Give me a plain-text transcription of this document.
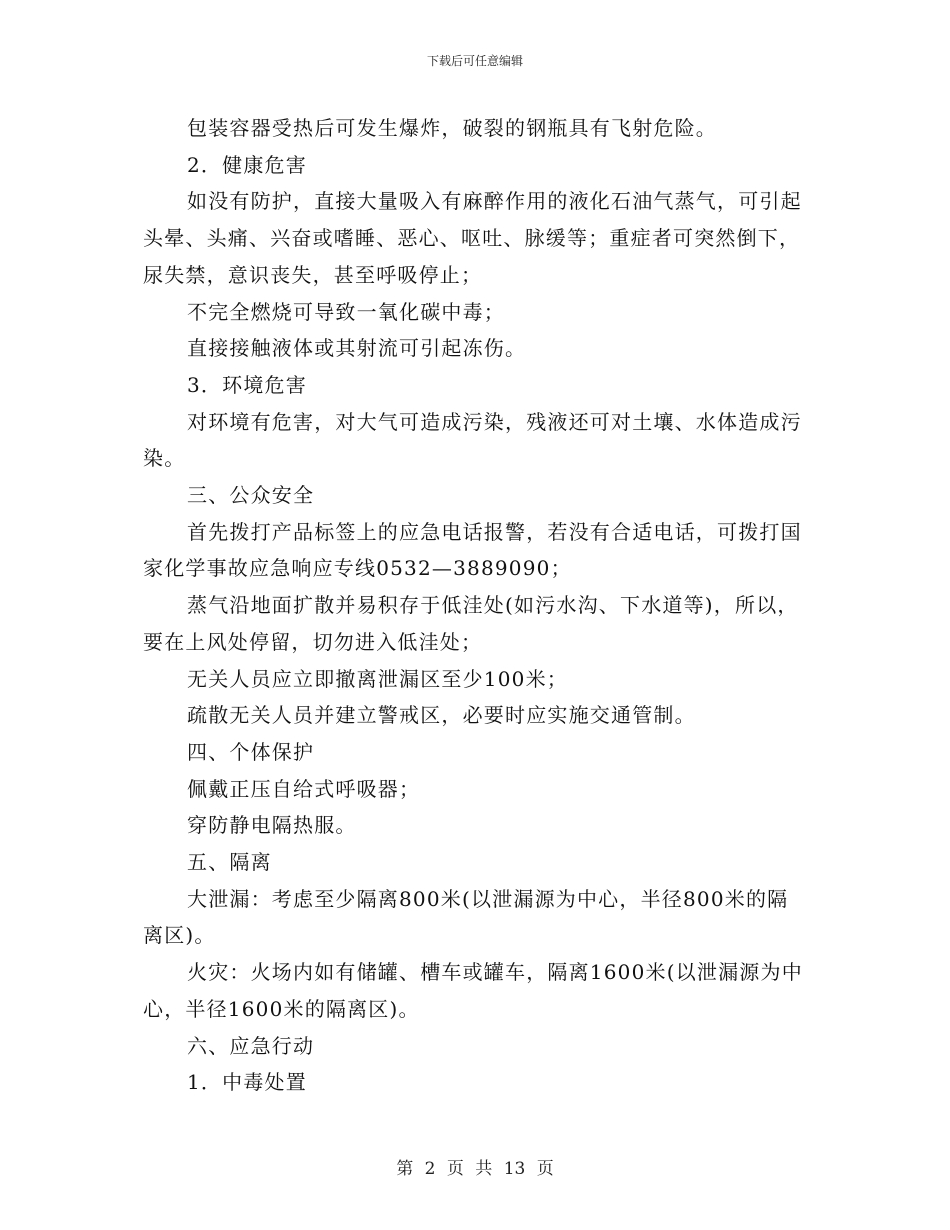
下载后可任意编辑

包装容器受热后可发生爆炸，破裂的钢瓶具有飞射危险。

2．健康危害

如没有防护，直接大量吸入有麻醉作用的液化石油气蒸气，可引起头晕、头痛、兴奋或嗜睡、恶心、呕吐、脉缓等；重症者可突然倒下，尿失禁，意识丧失，甚至呼吸停止；

不完全燃烧可导致一氧化碳中毒；

直接接触液体或其射流可引起冻伤。

3．环境危害

对环境有危害，对大气可造成污染，残液还可对土壤、水体造成污染。

三、公众安全

首先拨打产品标签上的应急电话报警，若没有合适电话，可拨打国家化学事故应急响应专线0532—3889090；

蒸气沿地面扩散并易积存于低洼处(如污水沟、下水道等)，所以，要在上风处停留，切勿进入低洼处；

无关人员应立即撤离泄漏区至少100米；

疏散无关人员并建立警戒区，必要时应实施交通管制。

四、个体保护

佩戴正压自给式呼吸器；

穿防静电隔热服。

五、隔离

大泄漏：考虑至少隔离800米(以泄漏源为中心，半径800米的隔离区)。

火灾：火场内如有储罐、槽车或罐车，隔离1600米(以泄漏源为中心，半径1600米的隔离区)。

六、应急行动

1．中毒处置

第 2 页 共 13 页
